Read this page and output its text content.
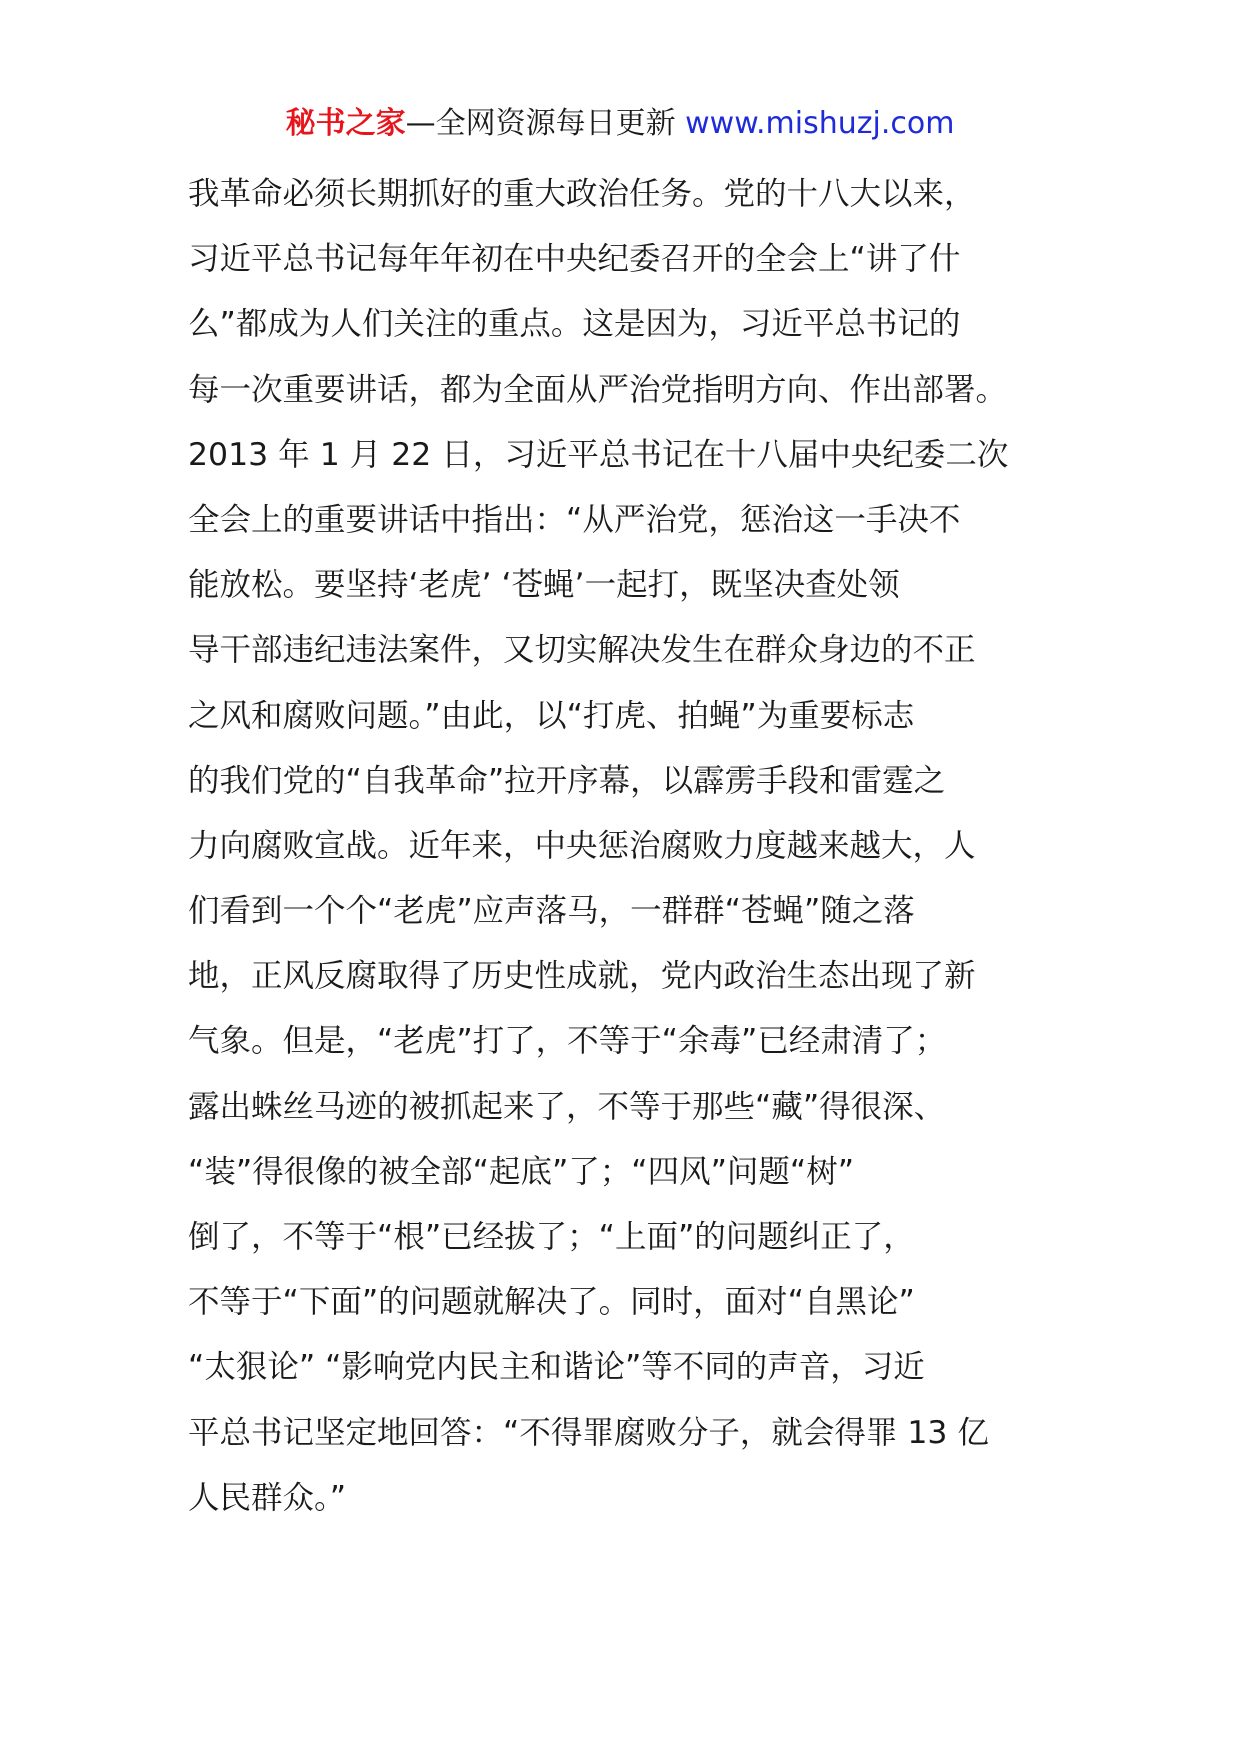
秘书之家—全网资源每日更新 www.mishuzj.com
我革命必须长期抓好的重大政治任务。党的十八大以来，
习近平总书记每年年初在中央纪委召开的全会上“讲了什
么”都成为人们关注的重点。这是因为，习近平总书记的
每一次重要讲话，都为全面从严治党指明方向、作出部署。
2013 年 1 月 22 日，习近平总书记在十八届中央纪委二次
全会上的重要讲话中指出：“从严治党，惩治这一手决不
能放松。要坚持‘老虎’ ‘苍蝇’一起打，既坚决查处领
导干部违纪违法案件，又切实解决发生在群众身边的不正
之风和腐败问题。”由此，以“打虎、拍蝇”为重要标志
的我们党的“自我革命”拉开序幕，以霹雳手段和雷霆之
力向腐败宣战。近年来，中央惩治腐败力度越来越大，人
们看到一个个“老虎”应声落马，一群群“苍蝇”随之落
地，正风反腐取得了历史性成就，党内政治生态出现了新
气象。但是，“老虎”打了，不等于“余毒”已经肃清了；
露出蛛丝马迹的被抓起来了，不等于那些“藏”得很深、
“装”得很像的被全部“起底”了；“四风”问题“树”
倒了，不等于“根”已经拔了；“上面”的问题纠正了，
不等于“下面”的问题就解决了。同时，面对“自黑论”
“太狠论” “影响党内民主和谐论”等不同的声音，习近
平总书记坚定地回答：“不得罪腐败分子，就会得罪 13 亿
人民群众。”
